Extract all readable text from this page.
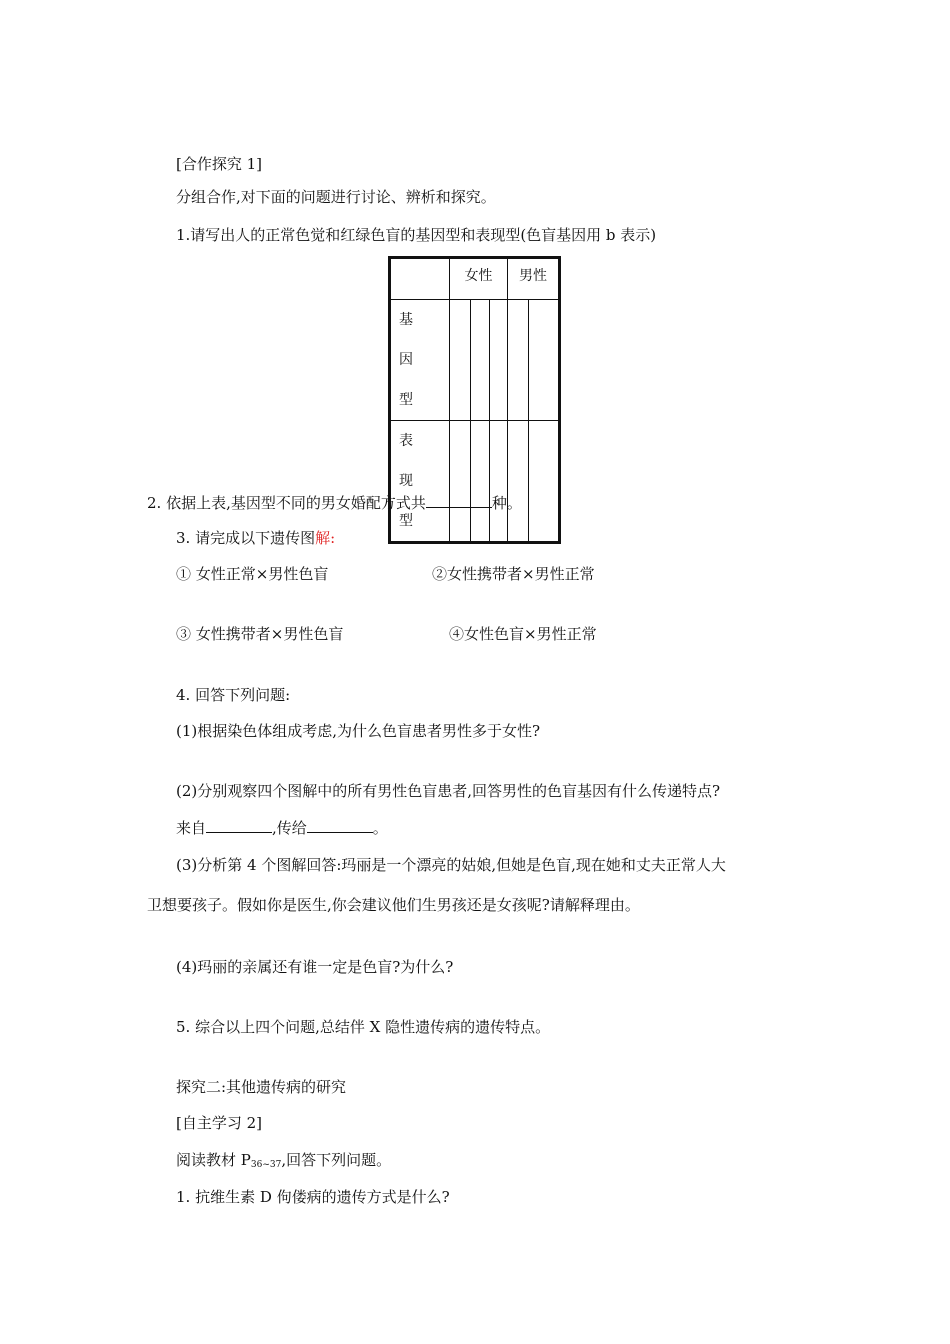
[合作探究 1]
分组合作,对下面的问题进行讨论、辨析和探究。
1.请写出人的正常色觉和红绿色盲的基因型和表现型(色盲基因用 b 表示)
	女性			男性	
基 因 型					
表 现 型					
2. 依据上表,基因型不同的男女婚配方式共	种。
3. 请完成以下遗传图解:
① 女性正常×男性色盲	②女性携带者×男性正常
③ 女性携带者×男性色盲	④女性色盲×男性正常
4. 回答下列问题:
(1)根据染色体组成考虑,为什么色盲患者男性多于女性?
(2)分别观察四个图解中的所有男性色盲患者,回答男性的色盲基因有什么传递特点?
来自	,传给	。
(3)分析第 4 个图解回答:玛丽是一个漂亮的姑娘,但她是色盲,现在她和丈夫正常人大
卫想要孩子。假如你是医生,你会建议他们生男孩还是女孩呢?请解释理由。
(4)玛丽的亲属还有谁一定是色盲?为什么?
5. 综合以上四个问题,总结伴 X 隐性遗传病的遗传特点。
探究二:其他遗传病的研究
[自主学习 2]
阅读教材 $P_{36\sim 37}$,回答下列问题。
1. 抗维生素 D 佝偻病的遗传方式是什么?
